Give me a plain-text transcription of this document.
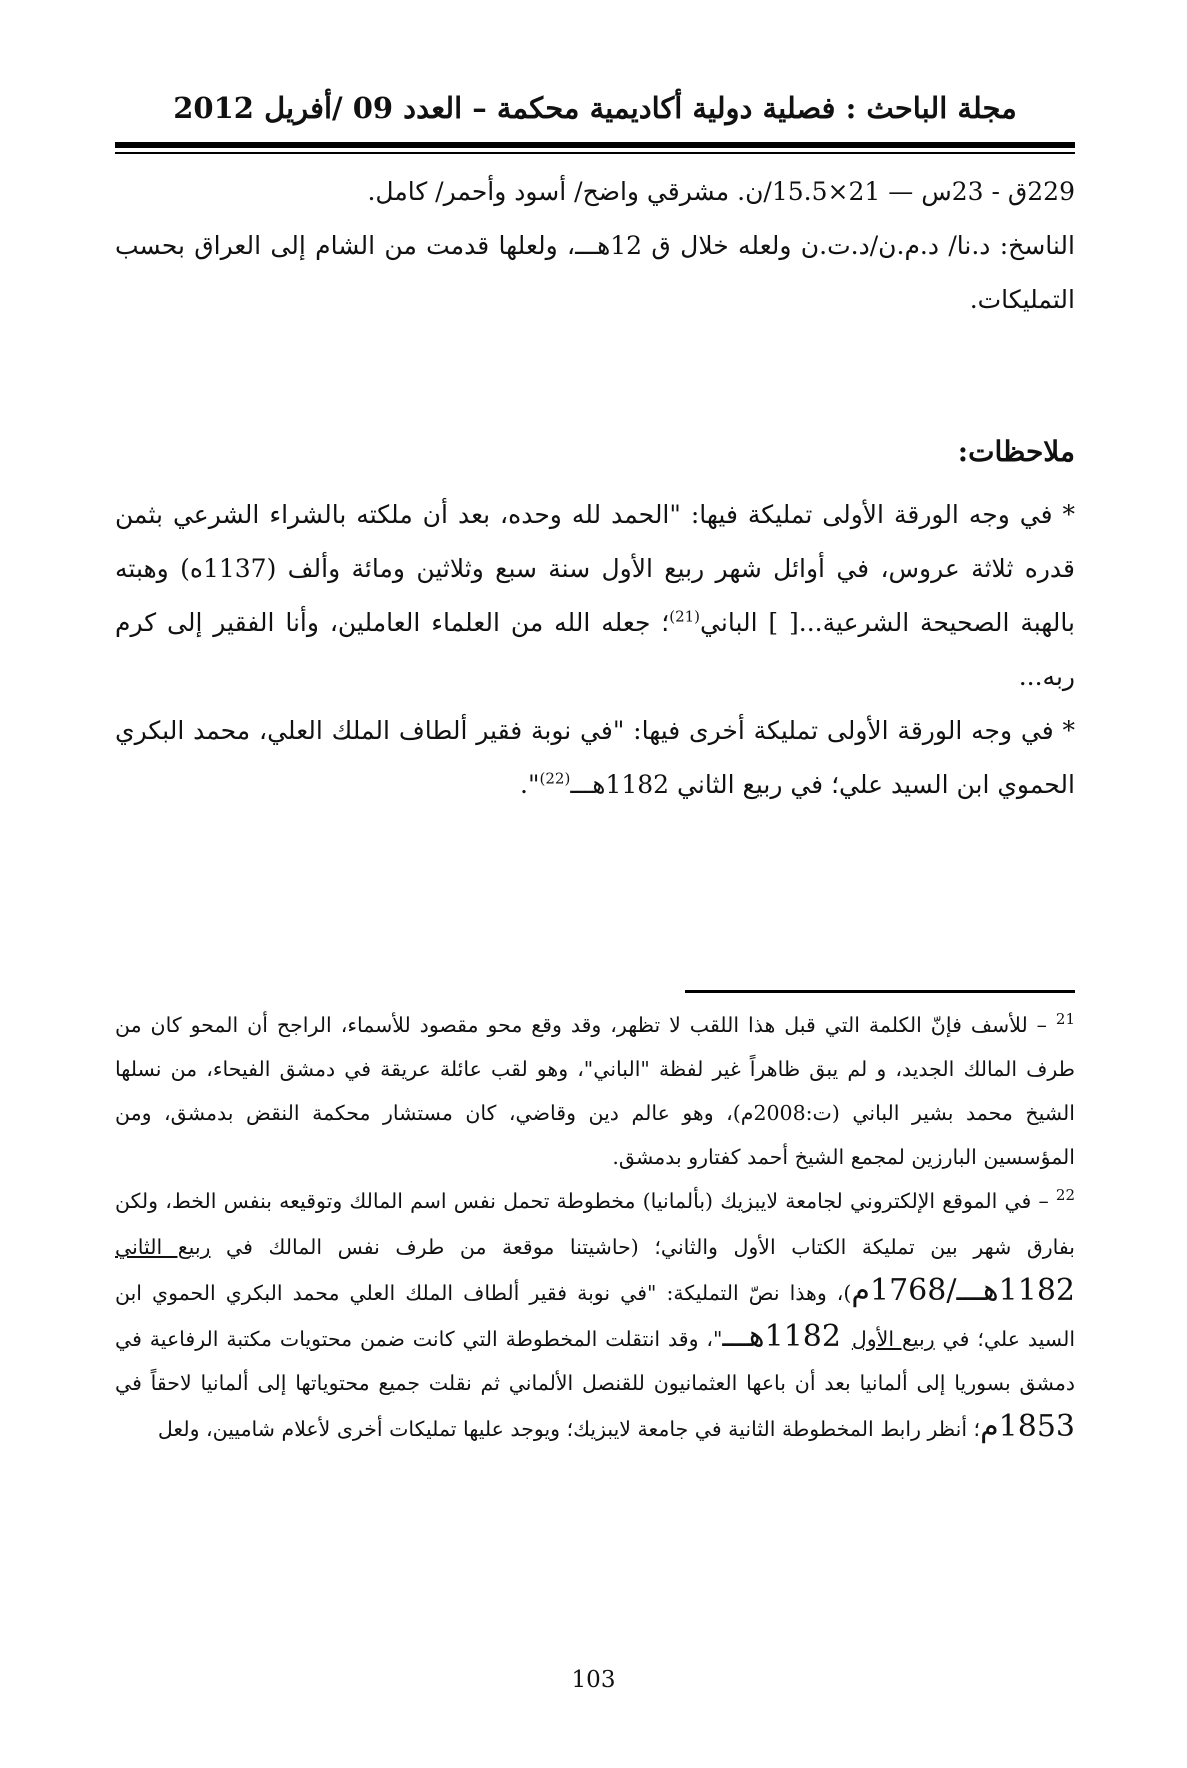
مجلة الباحث : فصلية دولية أكاديمية محكمة – العدد 09 /أفريل 2012

229ق - 23س — 21×15.5/ن. مشرقي واضح/ أسود وأحمر/ كامل.

الناسخ: د.نا/ د.م.ن/د.ت.ن ولعله خلال ق 12هـــ، ولعلها قدمت من الشام إلى العراق بحسب التمليكات.

ملاحظات:

* في وجه الورقة الأولى تمليكة فيها: "الحمد لله وحده، بعد أن ملكته بالشراء الشرعي بثمن قدره ثلاثة عروس، في أوائل شهر ربيع الأول سنة سبع وثلاثين ومائة وألف (1137ه) وهبته بالهبة الصحيحة الشرعية...[ ] الباني$^{(21)}$؛ جعله الله من العلماء العاملين، وأنا الفقير إلى كرم ربه...

* في وجه الورقة الأولى تمليكة أخرى فيها: "في نوبة فقير ألطاف الملك العلي، محمد البكري الحموي ابن السيد علي؛ في ربيع الثاني 1182هـــ$^{(22)}$".

$^{21}$ – للأسف فإنّ الكلمة التي قبل هذا اللقب لا تظهر، وقد وقع محو مقصود للأسماء، الراجح أن المحو كان من طرف المالك الجديد، و لم يبق ظاهراً غير لفظة "الباني"، وهو لقب عائلة عريقة في دمشق الفيحاء، من نسلها الشيخ محمد بشير الباني (ت:2008م)، وهو عالم دين وقاضي، كان مستشار محكمة النقض بدمشق، ومن المؤسسين البارزين لمجمع الشيخ أحمد كفتارو بدمشق.

$^{22}$ – في الموقع الإلكتروني لجامعة لايبزيك (بألمانيا) مخطوطة تحمل نفس اسم المالك وتوقيعه بنفس الخط، ولكن بفارق شهر بين تمليكة الكتاب الأول والثاني؛ (حاشيتنا موقعة من طرف نفس المالك في ربيع الثاني 1182هـــ/1768م)، وهذا نصّ التمليكة: "في نوبة فقير ألطاف الملك العلي محمد البكري الحموي ابن السيد علي؛ في ربيع الأول 1182هـــ"، وقد انتقلت المخطوطة التي كانت ضمن محتويات مكتبة الرفاعية في دمشق بسوريا إلى ألمانيا بعد أن باعها العثمانيون للقنصل الألماني ثم نقلت جميع محتوياتها إلى ألمانيا لاحقاً في 1853م؛ أنظر رابط المخطوطة الثانية في جامعة لايبزيك؛ ويوجد عليها تمليكات أخرى لأعلام شاميين، ولعل

103
